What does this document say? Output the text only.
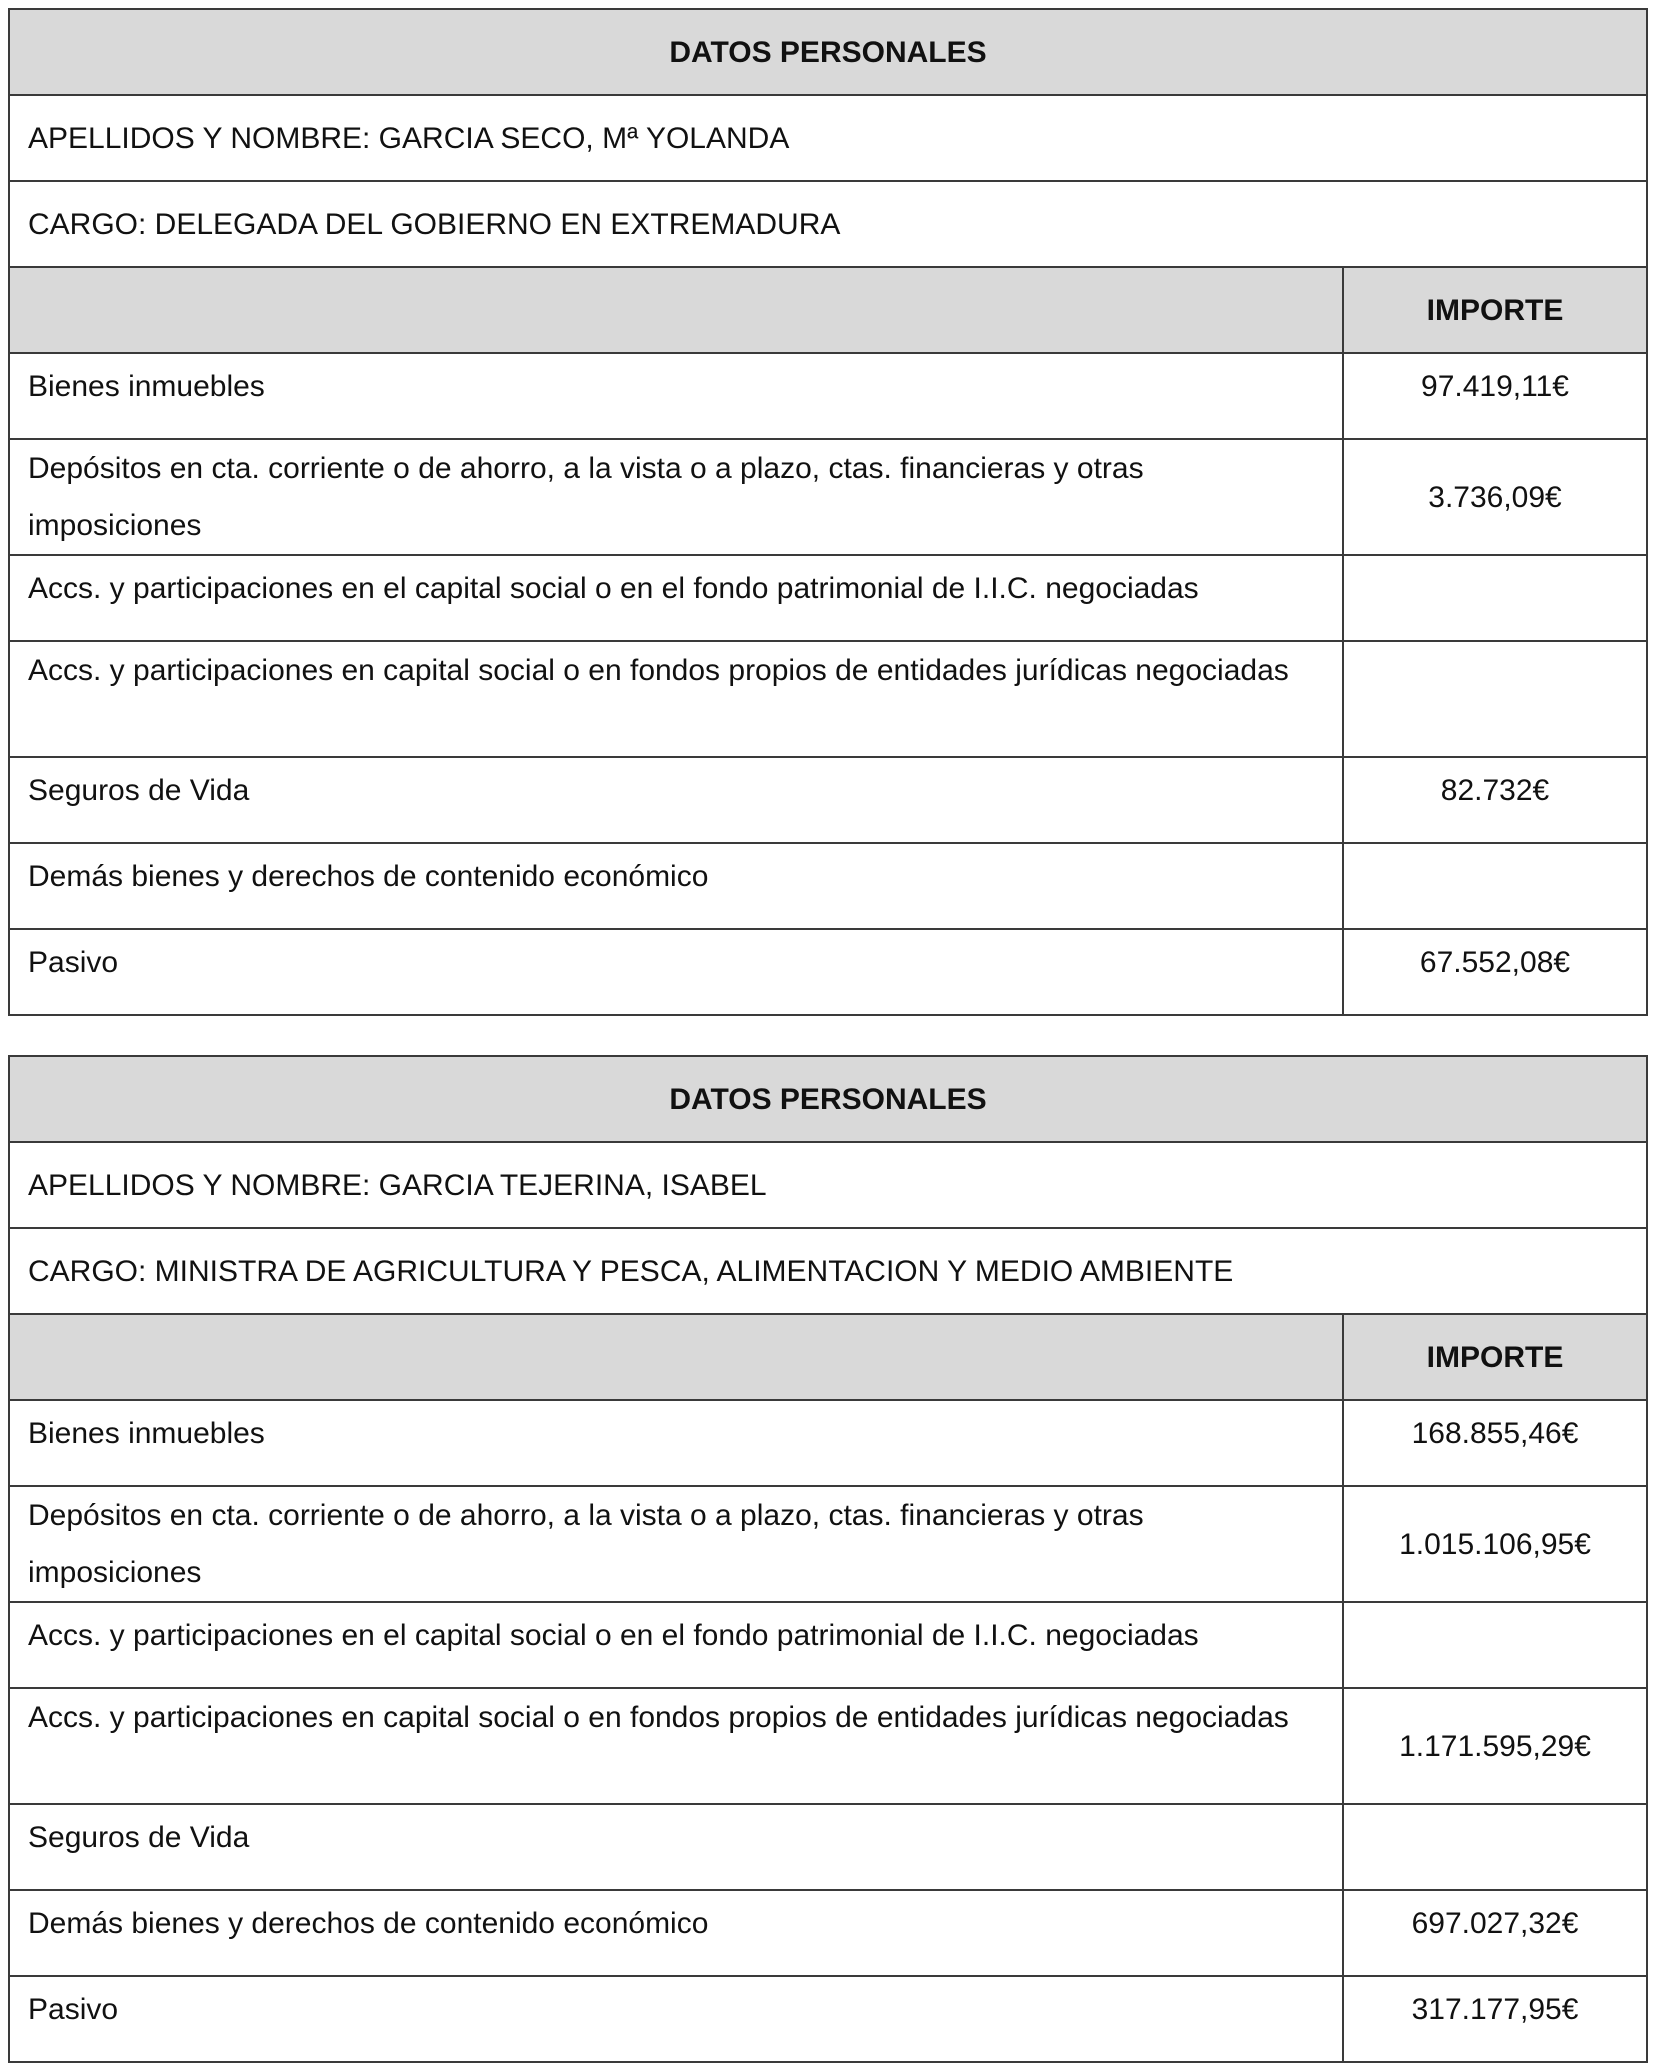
DATOS PERSONALES	
APELLIDOS Y NOMBRE: GARCIA SECO, Mª YOLANDA	
CARGO: DELEGADA DEL GOBIERNO EN EXTREMADURA	
	IMPORTE
Bienes inmuebles	97.419,11€
Depósitos en cta. corriente o de ahorro, a la vista o a plazo, ctas. financieras y otras imposiciones	3.736,09€
Accs. y participaciones en el capital social o en el fondo patrimonial de I.I.C. negociadas	
Accs. y participaciones en capital social o en fondos propios de entidades jurídicas negociadas	
Seguros de Vida	82.732€
Demás bienes y derechos de contenido económico	
Pasivo	67.552,08€
DATOS PERSONALES	
APELLIDOS Y NOMBRE: GARCIA TEJERINA, ISABEL	
CARGO: MINISTRA DE AGRICULTURA Y PESCA, ALIMENTACION Y MEDIO AMBIENTE	
	IMPORTE
Bienes inmuebles	168.855,46€
Depósitos en cta. corriente o de ahorro, a la vista o a plazo, ctas. financieras y otras imposiciones	1.015.106,95€
Accs. y participaciones en el capital social o en el fondo patrimonial de I.I.C. negociadas	
Accs. y participaciones en capital social o en fondos propios de entidades jurídicas negociadas	1.171.595,29€
Seguros de Vida	
Demás bienes y derechos de contenido económico	697.027,32€
Pasivo	317.177,95€
